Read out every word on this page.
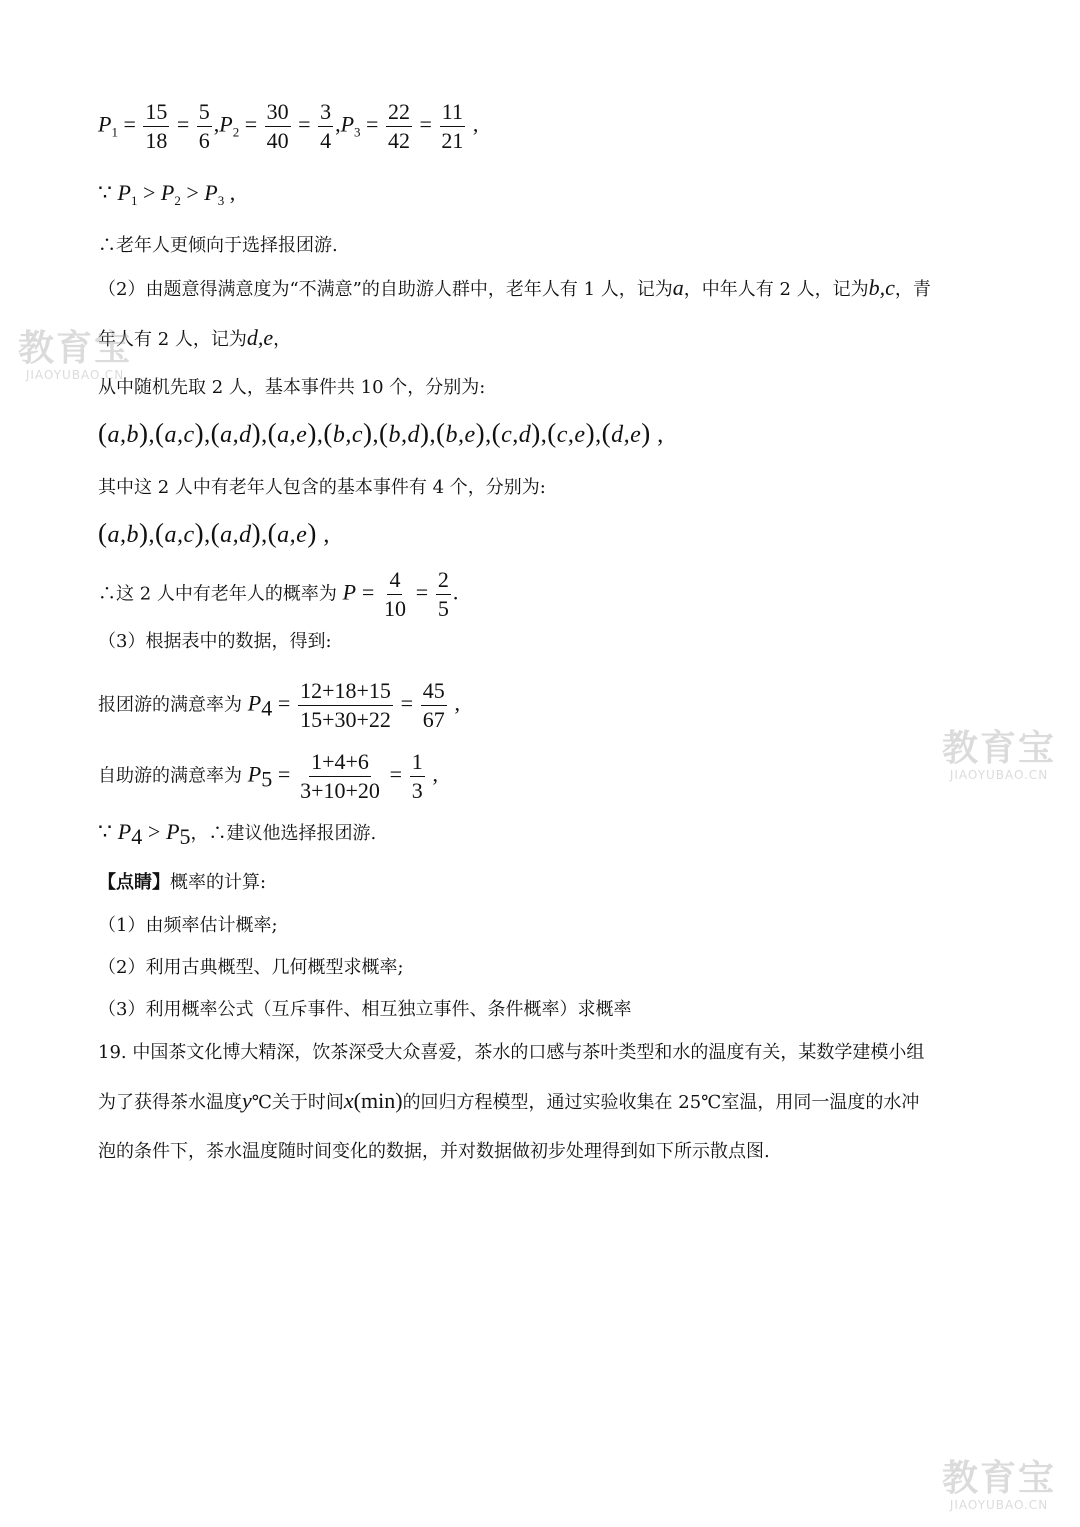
$P_1 = \frac{15}{18} = \frac{5}{6} ,P_2 = \frac{30}{40} = \frac{3}{4} ,P_3 = \frac{22}{42} = \frac{11}{21}$ ,
∵ $P_1 > P_2 > P_3$ ,
∴老年人更倾向于选择报团游.
（2）由题意得满意度为“不满意”的自助游人群中，老年人有 1 人，记为a，中年人有 2 人，记为b,c，青
年人有 2 人，记为d,e，
从中随机先取 2 人，基本事件共 10 个，分别为:
(a,b),(a,c),(a,d),(a,e),(b,c),(b,d),(b,e),(c,d),(c,e),(d,e) ,
其中这 2 人中有老年人包含的基本事件有 4 个，分别为:
(a,b),(a,c),(a,d),(a,e) ,
∴这 2 人中有老年人的概率为 $P = \frac{4}{10} = \frac{2}{5}$ .
（3）根据表中的数据，得到:
报团游的满意率为 $P_4 = \frac{12+18+15}{15+30+22} = \frac{45}{67}$ ,
自助游的满意率为 $P_5 = \frac{1+4+6}{3+10+20} = \frac{1}{3}$ ,
∵ $P_4 > P_5$，∴建议他选择报团游.
【点睛】概率的计算:
（1）由频率估计概率;
（2）利用古典概型、几何概型求概率;
（3）利用概率公式（互斥事件、相互独立事件、条件概率）求概率
19. 中国茶文化博大精深，饮茶深受大众喜爱，茶水的口感与茶叶类型和水的温度有关，某数学建模小组
为了获得茶水温度y℃关于时间x(min)的回归方程模型，通过实验收集在 25℃室温，用同一温度的水冲
泡的条件下，茶水温度随时间变化的数据，并对数据做初步处理得到如下所示散点图.
教育宝
JIAOYUBAO.CN
教育宝
JIAOYUBAO.CN
教育宝
JIAOYUBAO.CN
